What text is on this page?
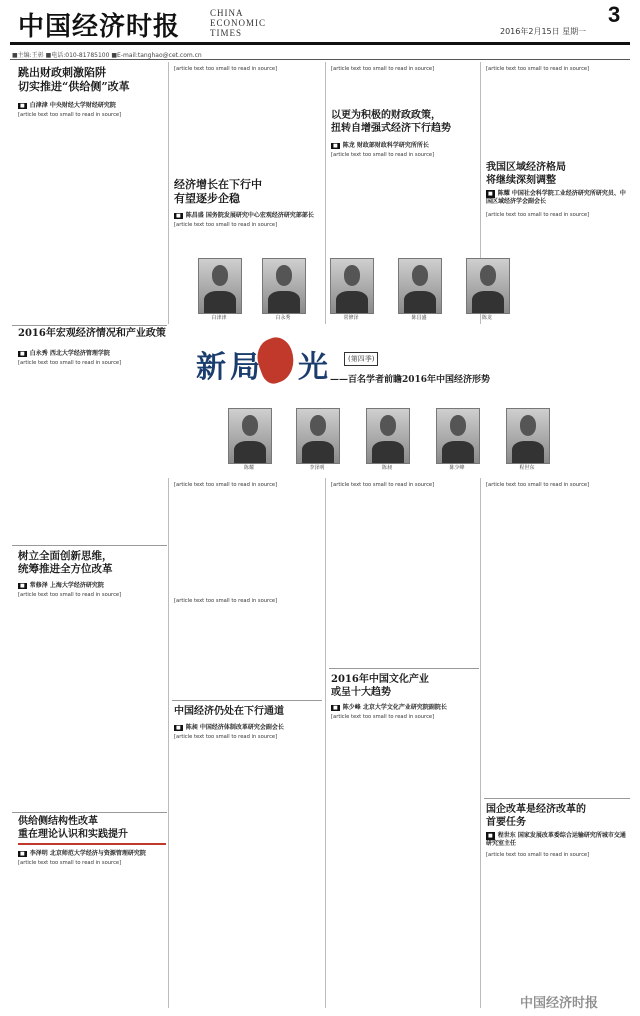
中国经济时报	CHINA
ECONOMIC
TIMES	2016年2月15日 星期一
3
■主编:王彰 ■电话:010-81785100 ■E-mail:tanghao@cet.com.cn
跳出财政刺激陷阱
切实推进“供给侧”改革
■ 白津津 中央财经大学财经研究院
[article text too small to read in source]
[article text too small to read in source]
经济增长在下行中
有望逐步企稳
■ 陈昌盛 国务院发展研究中心宏观经济研究部部长
[article text too small to read in source]
[article text too small to read in source]
以更为积极的财政政策，
扭转自增强式经济下行趋势
■ 陈龙 财政部财政科学研究所所长
[article text too small to read in source]
[article text too small to read in source]
我国区域经济格局
将继续深刻调整
■ 陈耀 中国社会科学院工业经济研究所研究员、中国区域经济学会副会长
[article text too small to read in source]
白津津	白永秀	常修泽	陈昌盛	陈龙
2016年宏观经济情况和产业政策
■ 白永秀 西北大学经济管理学院
[article text too small to read in source]	新局 光	(第四季)
——百名学者前瞻2016年中国经济形势
陈耀	李泽明	陈昶	陈少峰	程世东
树立全面创新思维，
统筹推进全方位改革
■ 常修泽 上海大学经济研究院
[article text too small to read in source]
供给侧结构性改革
重在理论认识和实践提升
■ 李泽明 北京师范大学经济与资源管理研究院
[article text too small to read in source]
[article text too small to read in source]
[article text too small to read in source]
中国经济仍处在下行通道
■ 陈昶 中国经济体制改革研究会副会长
[article text too small to read in source]
[article text too small to read in source]
2016年中国文化产业
或呈十大趋势
■ 陈少峰 北京大学文化产业研究院副院长
[article text too small to read in source]
[article text too small to read in source]
国企改革是经济改革的
首要任务
■ 程世东 国家发展改革委综合运输研究所城市交通研究室主任
[article text too small to read in source]
中国经济时报
